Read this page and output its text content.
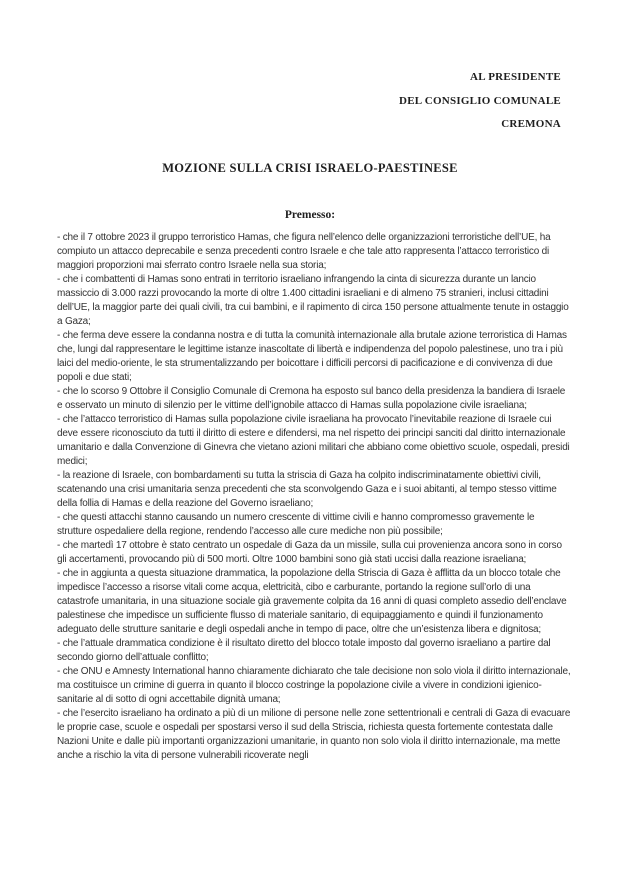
AL PRESIDENTE
DEL CONSIGLIO COMUNALE
CREMONA
MOZIONE SULLA CRISI ISRAELO-PAESTINESE
Premesso:

- che il 7 ottobre 2023 il gruppo terroristico Hamas, che figura nell’elenco delle organizzazioni terroristiche dell’UE, ha compiuto un attacco deprecabile e senza precedenti contro Israele e che tale atto rappresenta l’attacco terroristico di maggiori proporzioni mai sferrato contro Israele nella sua storia;

- che i combattenti di Hamas sono entrati in territorio israeliano infrangendo la cinta di sicurezza durante un lancio massiccio di 3.000 razzi provocando la morte di oltre 1.400 cittadini israeliani e di almeno 75 stranieri, inclusi cittadini dell’UE, la maggior parte dei quali civili, tra cui bambini, e il rapimento di circa 150 persone attualmente tenute in ostaggio a Gaza;

- che ferma deve essere la condanna nostra e di tutta la comunità internazionale alla brutale azione terroristica di Hamas che, lungi dal rappresentare le legittime istanze inascoltate di libertà e indipendenza del popolo palestinese, uno tra i più laici del medio-oriente, le sta strumentalizzando per boicottare i difficili percorsi di pacificazione e di convivenza di due popoli e due stati;

- che lo scorso 9 Ottobre il Consiglio Comunale di Cremona ha esposto sul banco della presidenza la bandiera di Israele e osservato un minuto di silenzio per le vittime dell’ignobile attacco di Hamas sulla popolazione civile israeliana;

- che l’attacco terroristico di Hamas sulla popolazione civile israeliana ha provocato l’inevitabile reazione di Israele cui deve essere riconosciuto da tutti il diritto di estere e difendersi, ma nel rispetto dei principi sanciti dal diritto internazionale umanitario e dalla Convenzione di Ginevra che vietano azioni militari che abbiano come obiettivo scuole, ospedali, presidi medici;

- la reazione di Israele, con bombardamenti su tutta la striscia di Gaza ha colpito indiscriminatamente obiettivi civili, scatenando una crisi umanitaria senza precedenti che sta sconvolgendo Gaza e i suoi abitanti, al tempo stesso vittime della follia di Hamas e della reazione del Governo israeliano;

- che questi attacchi stanno causando un numero crescente di vittime civili e hanno compromesso gravemente le strutture ospedaliere della regione, rendendo l’accesso alle cure mediche non più possibile;

- che martedì 17 ottobre è stato centrato un ospedale di Gaza da un missile, sulla cui provenienza ancora sono in corso gli accertamenti, provocando più di 500 morti. Oltre 1000 bambini sono già stati uccisi dalla reazione israeliana;

- che in aggiunta a questa situazione drammatica, la popolazione della Striscia di Gaza è afflitta da un blocco totale che impedisce l’accesso a risorse vitali come acqua, elettricità, cibo e carburante, portando la regione sull’orlo di una catastrofe umanitaria, in una situazione sociale già gravemente colpita da 16 anni di quasi completo assedio dell’enclave palestinese che impedisce un sufficiente flusso di materiale sanitario, di equipaggiamento e quindi il funzionamento adeguato delle strutture sanitarie e degli ospedali anche in tempo di pace, oltre che un’esistenza libera e dignitosa;

- che l’attuale drammatica condizione è il risultato diretto del blocco totale imposto dal governo israeliano a partire dal secondo giorno dell’attuale conflitto;

- che ONU e Amnesty International hanno chiaramente dichiarato che tale decisione non solo viola il diritto internazionale, ma costituisce un crimine di guerra in quanto il blocco costringe la popolazione civile a vivere in condizioni igienico-sanitarie al di sotto di ogni accettabile dignità umana;

- che l’esercito israeliano ha ordinato a più di un milione di persone nelle zone settentrionali e centrali di Gaza di evacuare le proprie case, scuole e ospedali per spostarsi verso il sud della Striscia, richiesta questa fortemente contestata dalle Nazioni Unite e dalle più importanti organizzazioni umanitarie, in quanto non solo viola il diritto internazionale, ma mette anche a rischio la vita di persone vulnerabili ricoverate negli
